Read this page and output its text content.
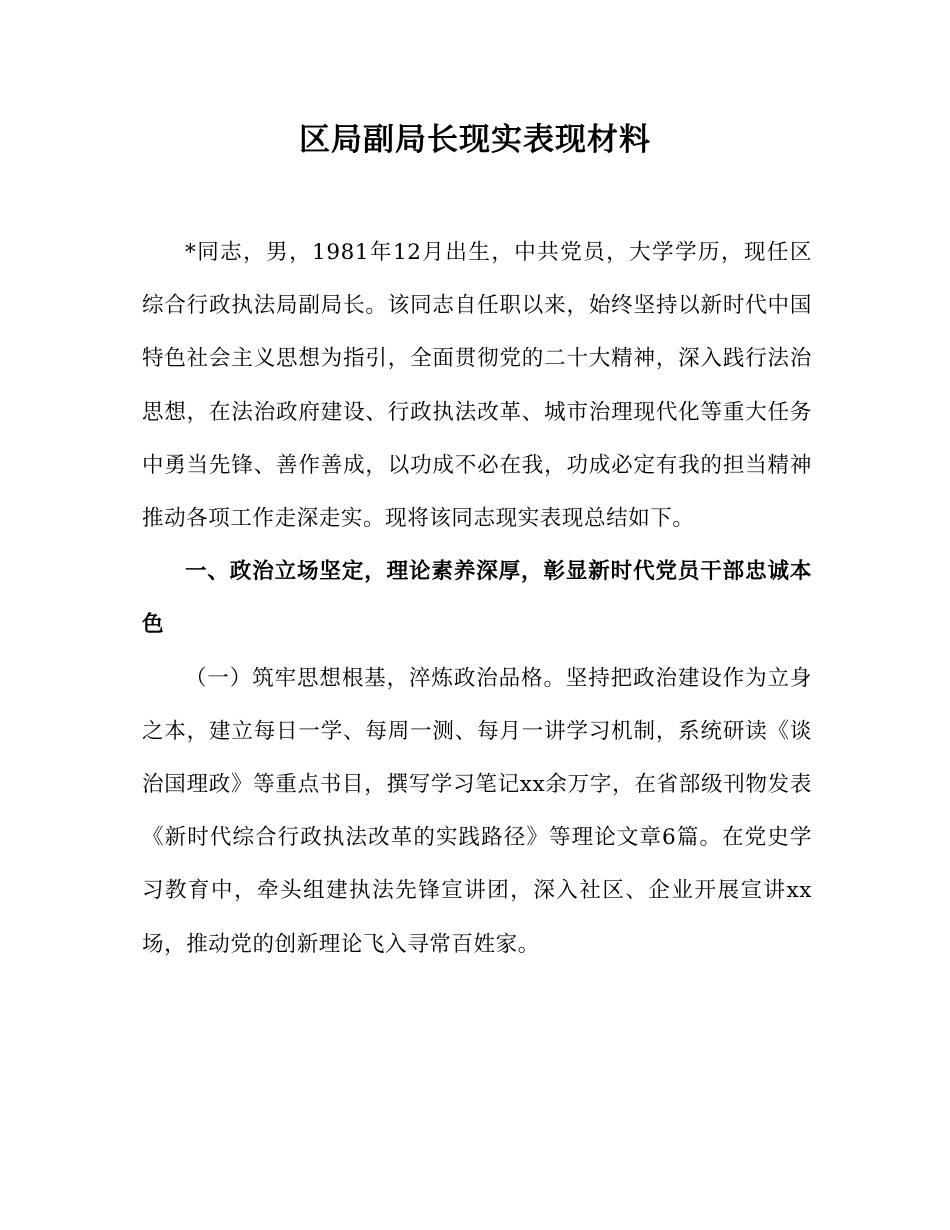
区局副局长现实表现材料

*同志，男，1981年12月出生，中共党员，大学学历，现任区综合行政执法局副局长。该同志自任职以来，始终坚持以新时代中国特色社会主义思想为指引，全面贯彻党的二十大精神，深入践行法治思想，在法治政府建设、行政执法改革、城市治理现代化等重大任务中勇当先锋、善作善成，以功成不必在我，功成必定有我的担当精神推动各项工作走深走实。现将该同志现实表现总结如下。

一、政治立场坚定，理论素养深厚，彰显新时代党员干部忠诚本色

（一）筑牢思想根基，淬炼政治品格。坚持把政治建设作为立身之本，建立每日一学、每周一测、每月一讲学习机制，系统研读《谈治国理政》等重点书目，撰写学习笔记xx余万字，在省部级刊物发表《新时代综合行政执法改革的实践路径》等理论文章6篇。在党史学习教育中，牵头组建执法先锋宣讲团，深入社区、企业开展宣讲xx场，推动党的创新理论飞入寻常百姓家。
